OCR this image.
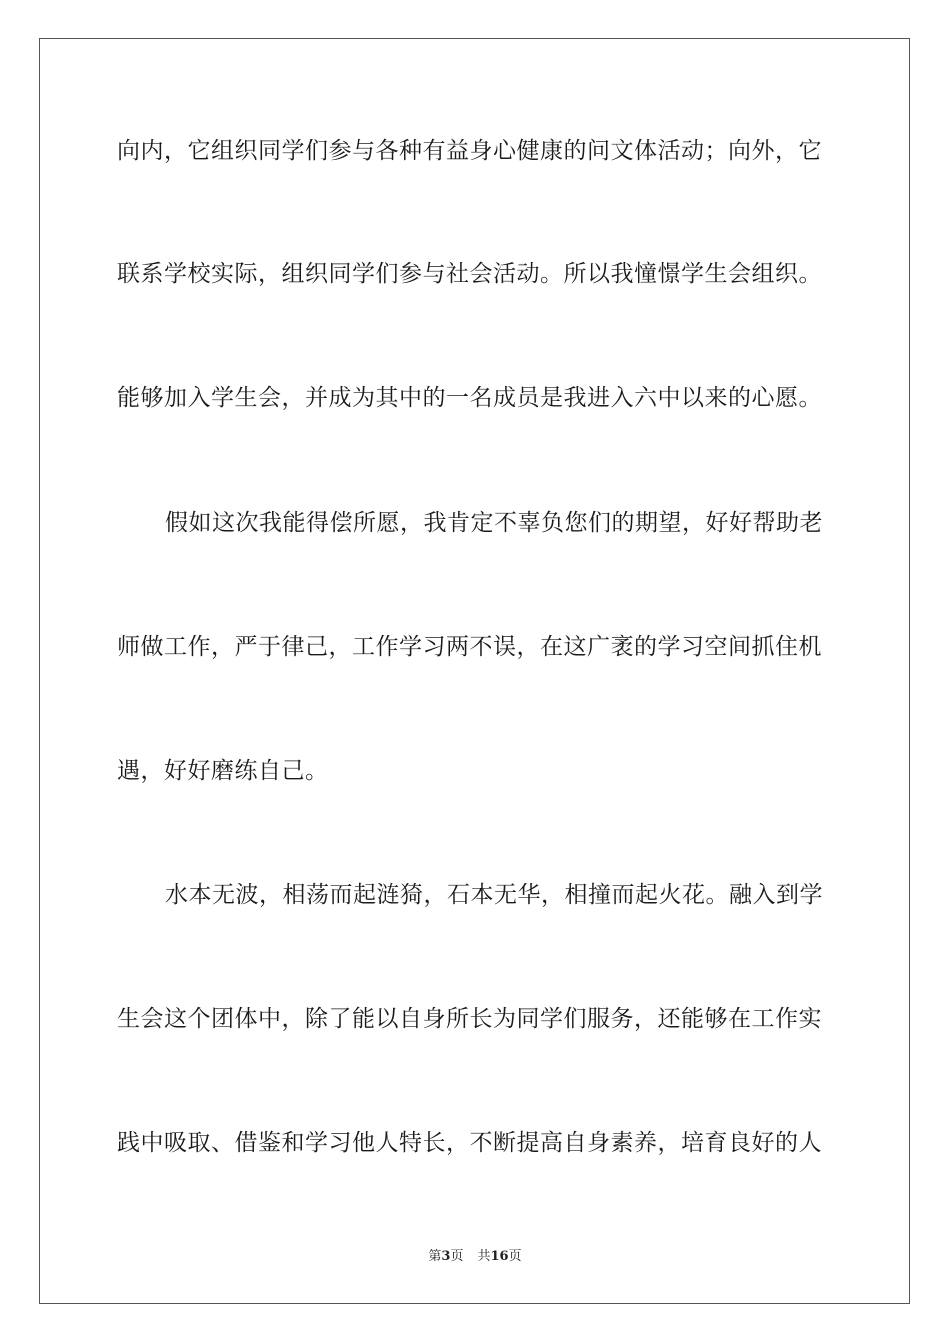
向内，它组织同学们参与各种有益身心健康的问文体活动；向外，它
联系学校实际，组织同学们参与社会活动。所以我憧憬学生会组织。
能够加入学生会，并成为其中的一名成员是我进入六中以来的心愿。
假如这次我能得偿所愿，我肯定不辜负您们的期望，好好帮助老
师做工作，严于律己，工作学习两不误，在这广袤的学习空间抓住机
遇，好好磨练自己。
水本无波，相荡而起涟猗，石本无华，相撞而起火花。融入到学
生会这个团体中，除了能以自身所长为同学们服务，还能够在工作实
践中吸取、借鉴和学习他人特长，不断提高自身素养，培育良好的人
第3页 共16页
